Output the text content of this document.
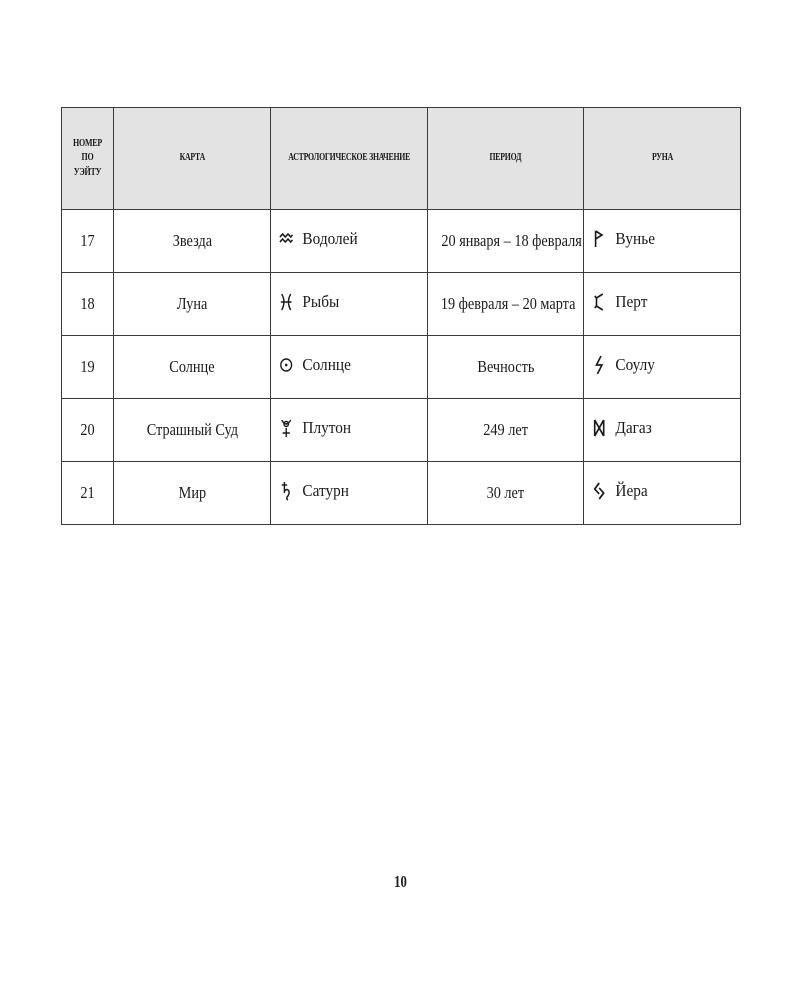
НОМЕР ПО УЭЙТУ	КАРТА	АСТРОЛОГИЧЕСКОЕ ЗНАЧЕНИЕ	ПЕРИОД	РУНА
17	Звезда	Водолей	20 января – 18 февраля	Вунье

18	Луна	Рыбы	19 февраля – 20 марта	Перт

19	Солнце	Солнце	Вечность	Соулу

20	Страшный Суд	Плутон	249 лет	Дагаз

21	Мир	Сатурн	30 лет	Йера
10
